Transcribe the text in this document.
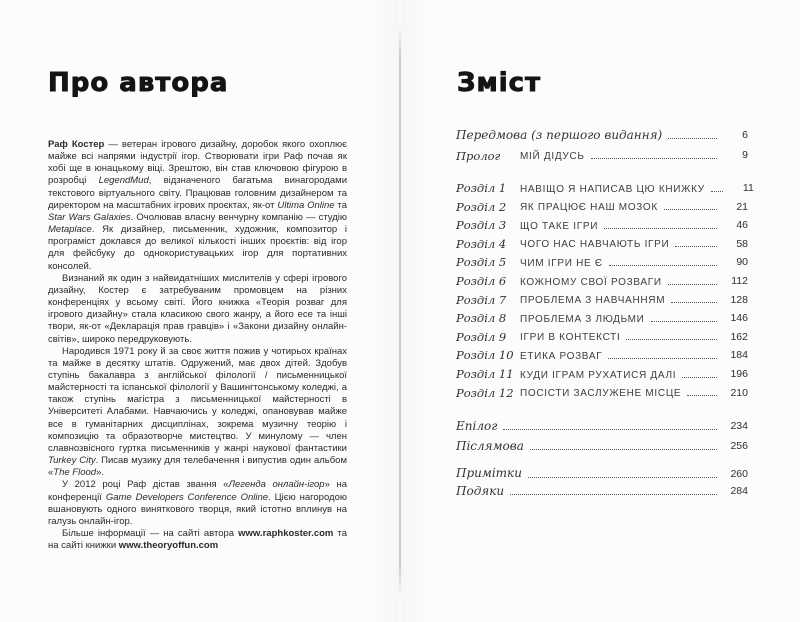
Про автора

Раф Костер — ветеран ігрового дизайну, доробок якого охоплює майже всі напрями індустрії ігор. Створювати ігри Раф почав як хобі ще в юнацькому віці. Зрештою, він став ключовою фігурою в розробці LegendMud, відзначеного багатьма винагородами текстового віртуального світу. Працював головним дизайнером та директором на масштабних ігрових проєктах, як-от Ultima Online та Star Wars Galaxies. Очолював власну венчурну компанію — студію Metaplace. Як дизайнер, письменник, художник, композитор і програміст доклався до великої кількості інших проєктів: від ігор для фейсбуку до однокористувацьких ігор для портативних консолей.

Визнаний як один з найвидатніших мислителів у сфері ігрового дизайну, Костер є затребуваним промовцем на різних конференціях у всьому світі. Його книжка «Теорія розваг для ігрового дизайну» стала класикою свого жанру, а його есе та інші твори, як-от «Декларація прав гравців» і «Закони дизайну онлайн-світів», широко передруковують.

Народився 1971 року й за своє життя пожив у чотирьох країнах та майже в десятку штатів. Одружений, має двох дітей. Здобув ступінь бакалавра з англійської філології / письменницької майстерності та іспанської філології у Вашингтонському коледжі, а також ступінь магістра з письменницької майстерності в Університеті Алабами. Навчаючись у коледжі, опановував майже все в гуманітарних дисциплінах, зокрема музичну теорію і композицію та образотворче мистецтво. У минулому — член славнозвісного гуртка письменників у жанрі наукової фантастики Turkey City. Писав музику для телебачення і випустив один альбом «The Flood».

У 2012 році Раф дістав звання «Легенда онлайн-ігор» на конференції Game Developers Conference Online. Цією нагородою вшановують одного виняткового творця, який істотно вплинув на галузь онлайн-ігор.

Більше інформації — на сайті автора www.raphkoster.com та на сайті книжки www.theoryoffun.com

Зміст
Передмова (з першого видання)	6
Пролог	МІЙ ДІДУСЬ	9
Розділ 1	НАВІЩО Я НАПИСАВ ЦЮ КНИЖКУ	11
Розділ 2	ЯК ПРАЦЮЄ НАШ МОЗОК	21
Розділ 3	ЩО ТАКЕ ІГРИ	46
Розділ 4	ЧОГО НАС НАВЧАЮТЬ ІГРИ	58
Розділ 5	ЧИМ ІГРИ НЕ Є	90
Розділ 6	КОЖНОМУ СВОЇ РОЗВАГИ	112
Розділ 7	ПРОБЛЕМА З НАВЧАННЯМ	128
Розділ 8	ПРОБЛЕМА З ЛЮДЬМИ	146
Розділ 9	ІГРИ В КОНТЕКСТІ	162
Розділ 10 ЕТИКА РОЗВАГ	184
Розділ 11 КУДИ ІГРАМ РУХАТИСЯ ДАЛІ	196
Розділ 12 ПОСІСТИ ЗАСЛУЖЕНЕ МІСЦЕ	210
Епілог	234
Післямова	256
Примітки	260
Подяки	284
